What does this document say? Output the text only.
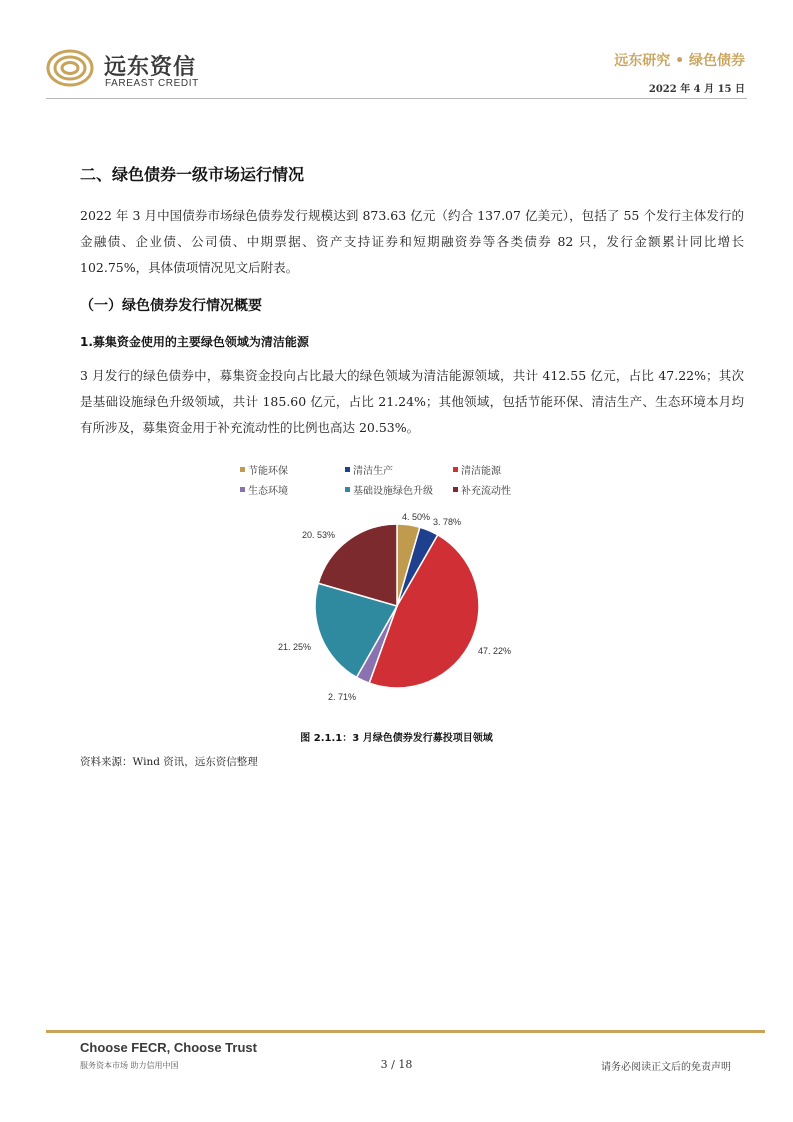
远东资信
FAREAST CREDIT
远东研究 • 绿色债券
2022 年 4 月 15 日
二、绿色债券一级市场运行情况
2022 年 3 月中国债券市场绿色债券发行规模达到 873.63 亿元（约合 137.07 亿美元），包括了 55 个发行主体发行的金融债、企业债、公司债、中期票据、资产支持证券和短期融资券等各类债券 82 只，发行金额累计同比增长 102.75%，具体债项情况见文后附表。
（一）绿色债券发行情况概要
1.募集资金使用的主要绿色领域为清洁能源
3 月发行的绿色债券中，募集资金投向占比最大的绿色领域为清洁能源领域，共计 412.55 亿元，占比 47.22%；其次是基础设施绿色升级领域，共计 185.60 亿元，占比 21.24%；其他领域，包括节能环保、清洁生产、生态环境本月均有所涉及，募集资金用于补充流动性的比例也高达 20.53%。
节能环保	清洁生产	清洁能源
生态环境	基础设施绿色升级	补充流动性
4. 50% 3. 78%
47. 22%
2. 71%
21. 25%
20. 53%
图 2.1.1：3 月绿色债券发行募投项目领域
资料来源：Wind 资讯，远东资信整理
Choose FECR, Choose Trust
服务资本市场 助力信用中国	3 / 18	请务必阅读正文后的免责声明
